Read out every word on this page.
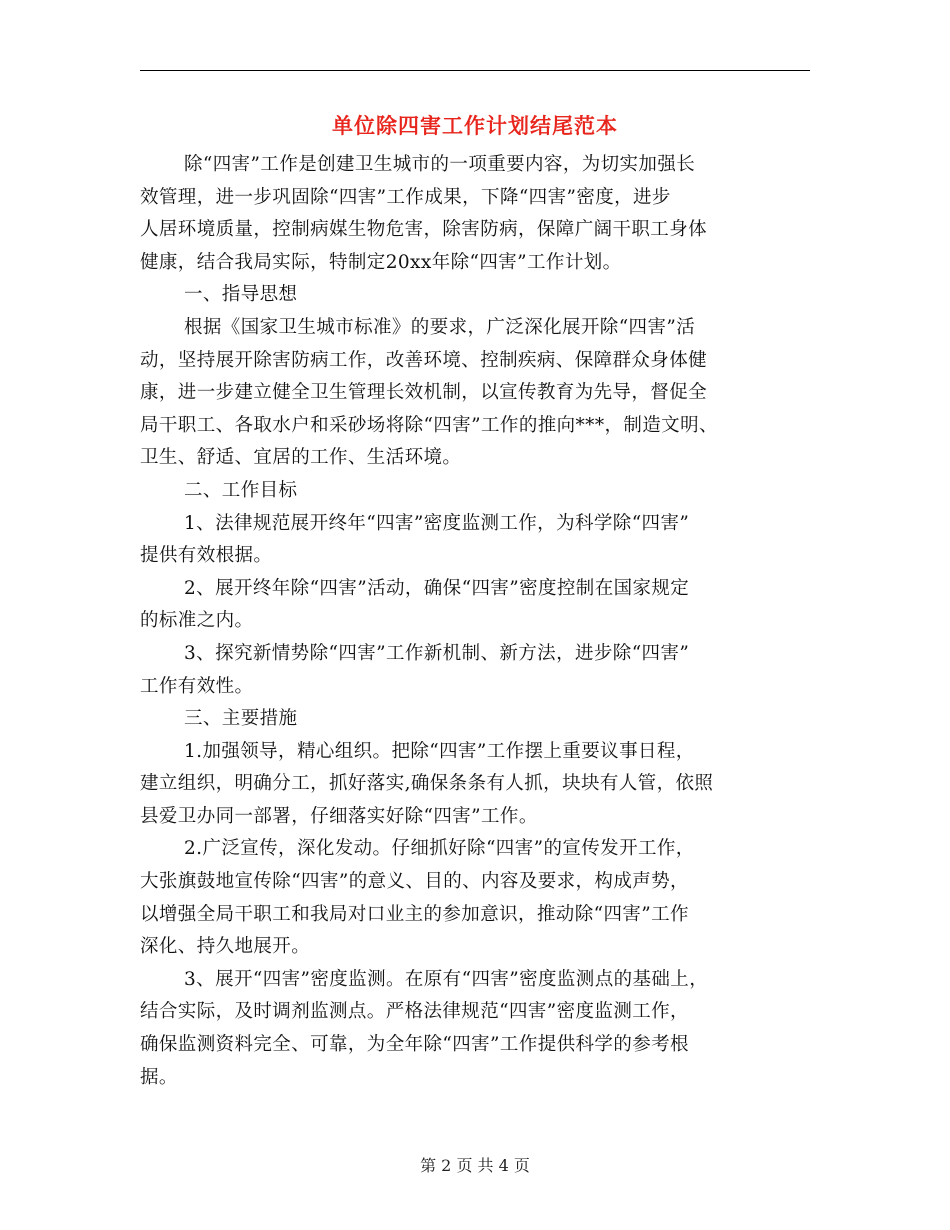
单位除四害工作计划结尾范本
除“四害”工作是创建卫生城市的一项重要内容，为切实加强长
效管理，进一步巩固除“四害”工作成果，下降“四害”密度，进步
人居环境质量，控制病媒生物危害，除害防病，保障广阔干职工身体
健康，结合我局实际，特制定20xx年除“四害”工作计划。
一、指导思想
根据《国家卫生城市标准》的要求，广泛深化展开除“四害”活
动，坚持展开除害防病工作，改善环境、控制疾病、保障群众身体健
康，进一步建立健全卫生管理长效机制，以宣传教育为先导，督促全
局干职工、各取水户和采砂场将除“四害”工作的推向***，制造文明、
卫生、舒适、宜居的工作、生活环境。
二、工作目标
1、法律规范展开终年“四害”密度监测工作，为科学除“四害”
提供有效根据。
2、展开终年除“四害”活动，确保“四害”密度控制在国家规定
的标准之内。
3、探究新情势除“四害”工作新机制、新方法，进步除“四害”
工作有效性。
三、主要措施
1.加强领导，精心组织。把除“四害”工作摆上重要议事日程，
建立组织，明确分工，抓好落实,确保条条有人抓，块块有人管，依照
县爱卫办同一部署，仔细落实好除“四害”工作。
2.广泛宣传，深化发动。仔细抓好除“四害”的宣传发开工作，
大张旗鼓地宣传除“四害”的意义、目的、内容及要求，构成声势，
以增强全局干职工和我局对口业主的参加意识，推动除“四害”工作
深化、持久地展开。
3、展开“四害”密度监测。在原有“四害”密度监测点的基础上，
结合实际，及时调剂监测点。严格法律规范“四害”密度监测工作，
确保监测资料完全、可靠，为全年除“四害”工作提供科学的参考根
据。
第 2 页 共 4 页
